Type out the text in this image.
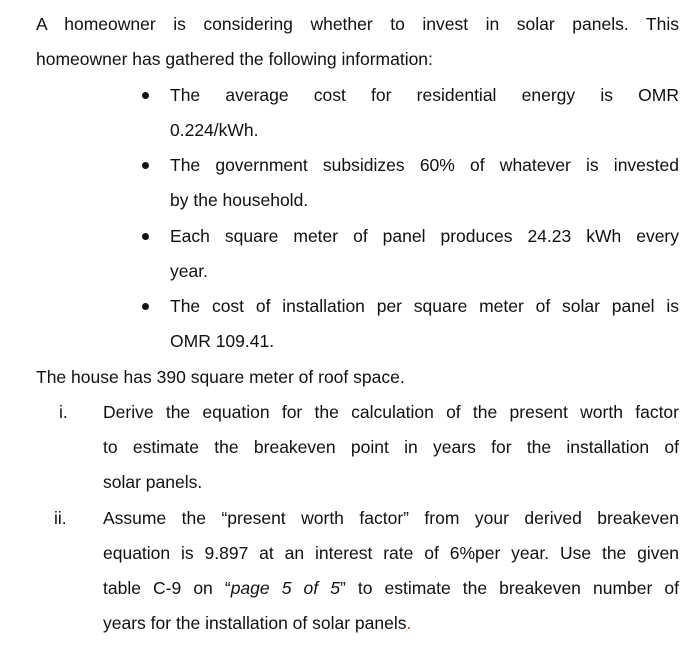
A homeowner is considering whether to invest in solar panels. This

homeowner has gathered the following information:

The average cost for residential energy is OMR

0.224/kWh.

The government subsidizes 60% of whatever is invested

by the household.

Each square meter of panel produces 24.23 kWh every

year.

The cost of installation per square meter of solar panel is

OMR 109.41.

The house has 390 square meter of roof space.

i. Derive the equation for the calculation of the present worth factor

to estimate the breakeven point in years for the installation of

solar panels.

ii. Assume the “present worth factor” from your derived breakeven

equation is 9.897 at an interest rate of 6%per year. Use the given

table C-9 on “page 5 of 5” to estimate the breakeven number of

years for the installation of solar panels.
